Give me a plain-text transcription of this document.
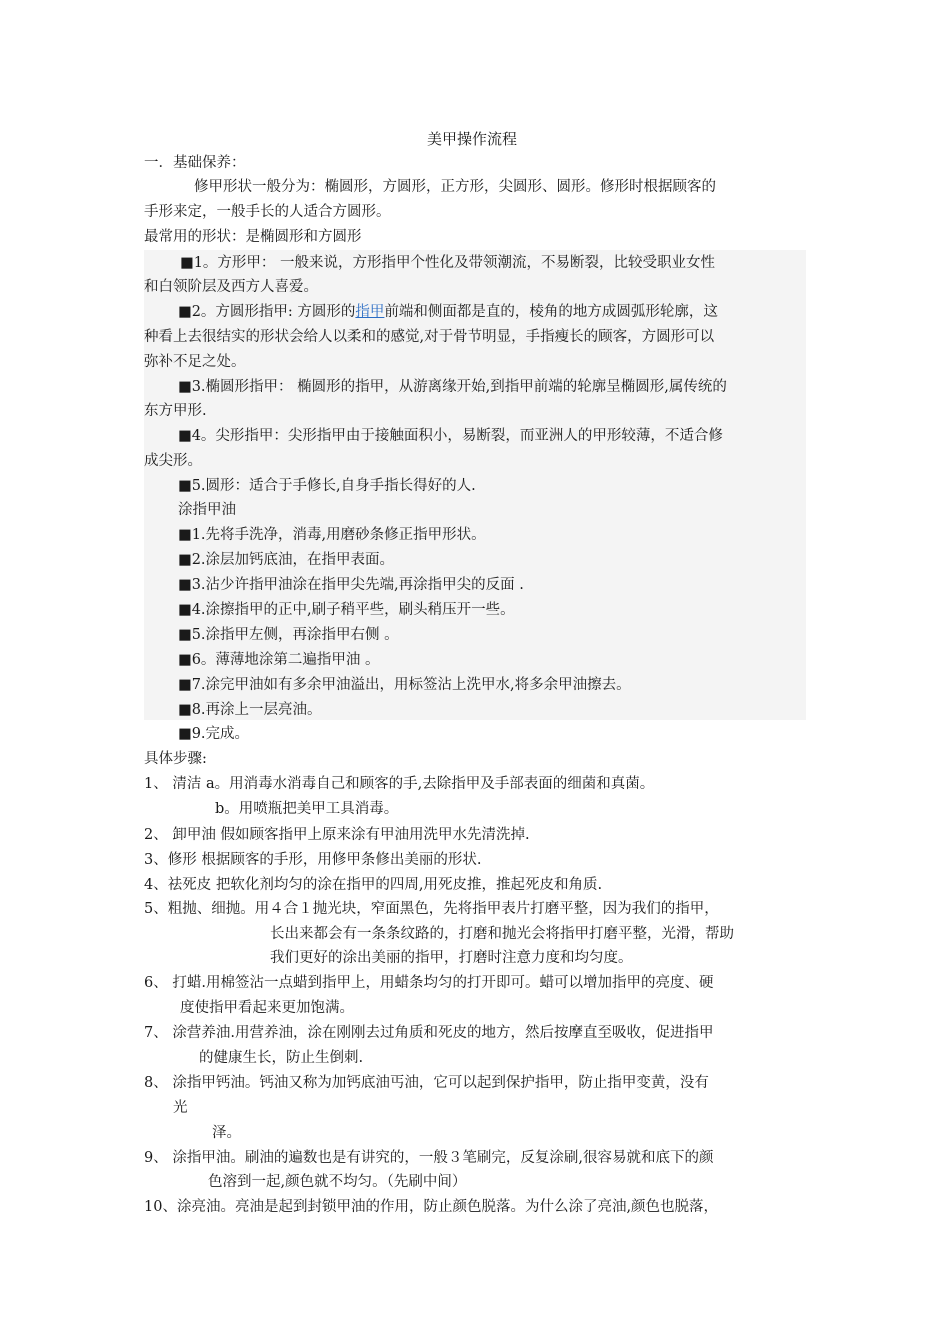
美甲操作流程
一．基础保养：
修甲形状一般分为：椭圆形，方圆形，正方形，尖圆形、圆形。修形时根据顾客的
手形来定，一般手长的人适合方圆形。
最常用的形状：是椭圆形和方圆形
■1。方形甲： 一般来说，方形指甲个性化及带领潮流，不易断裂，比较受职业女性
和白领阶层及西方人喜爱。
■2。方圆形指甲: 方圆形的指甲前端和侧面都是直的，棱角的地方成圆弧形轮廓，这
种看上去很结实的形状会给人以柔和的感觉,对于骨节明显，手指瘦长的顾客，方圆形可以
弥补不足之处。
■3.椭圆形指甲： 椭圆形的指甲，从游离缘开始,到指甲前端的轮廓呈椭圆形,属传统的
东方甲形.
■4。尖形指甲：尖形指甲由于接触面积小，易断裂，而亚洲人的甲形较薄，不适合修
成尖形。
■5.圆形：适合于手修长,自身手指长得好的人.
涂指甲油
■1.先将手洗净，消毒,用磨砂条修正指甲形状。
■2.涂层加钙底油，在指甲表面。
■3.沾少许指甲油涂在指甲尖先端,再涂指甲尖的反面 .
■4.涂擦指甲的正中,刷子稍平些，刷头稍压开一些。
■5.涂指甲左侧，再涂指甲右侧 。
■6。薄薄地涂第二遍指甲油 。
■7.涂完甲油如有多余甲油溢出，用标签沾上洗甲水,将多余甲油擦去。
■8.再涂上一层亮油。
■9.完成。
具体步骤:
1、 清洁 a。用消毒水消毒自己和顾客的手,去除指甲及手部表面的细菌和真菌。
b。用喷瓶把美甲工具消毒。
2、 卸甲油 假如顾客指甲上原来涂有甲油用洗甲水先清洗掉.
3、修形 根据顾客的手形，用修甲条修出美丽的形状.
4、祛死皮 把软化剂均匀的涂在指甲的四周,用死皮推，推起死皮和角质.
5、粗抛、细抛。用４合１抛光块，窄面黑色，先将指甲表片打磨平整，因为我们的指甲，
长出来都会有一条条纹路的，打磨和抛光会将指甲打磨平整，光滑，帮助
我们更好的涂出美丽的指甲，打磨时注意力度和均匀度。
6、 打蜡.用棉签沾一点蜡到指甲上，用蜡条均匀的打开即可。蜡可以增加指甲的亮度、硬
度使指甲看起来更加饱满。
7、 涂营养油.用营养油，涂在刚刚去过角质和死皮的地方，然后按摩直至吸收，促进指甲
的健康生长，防止生倒刺.
8、 涂指甲钙油。钙油又称为加钙底油丐油，它可以起到保护指甲，防止指甲变黄，没有
光
泽。
9、 涂指甲油。刷油的遍数也是有讲究的，一般３笔刷完，反复涂刷,很容易就和底下的颜
色溶到一起,颜色就不均匀。（先刷中间）
10、涂亮油。亮油是起到封锁甲油的作用，防止颜色脱落。为什么涂了亮油,颜色也脱落，
